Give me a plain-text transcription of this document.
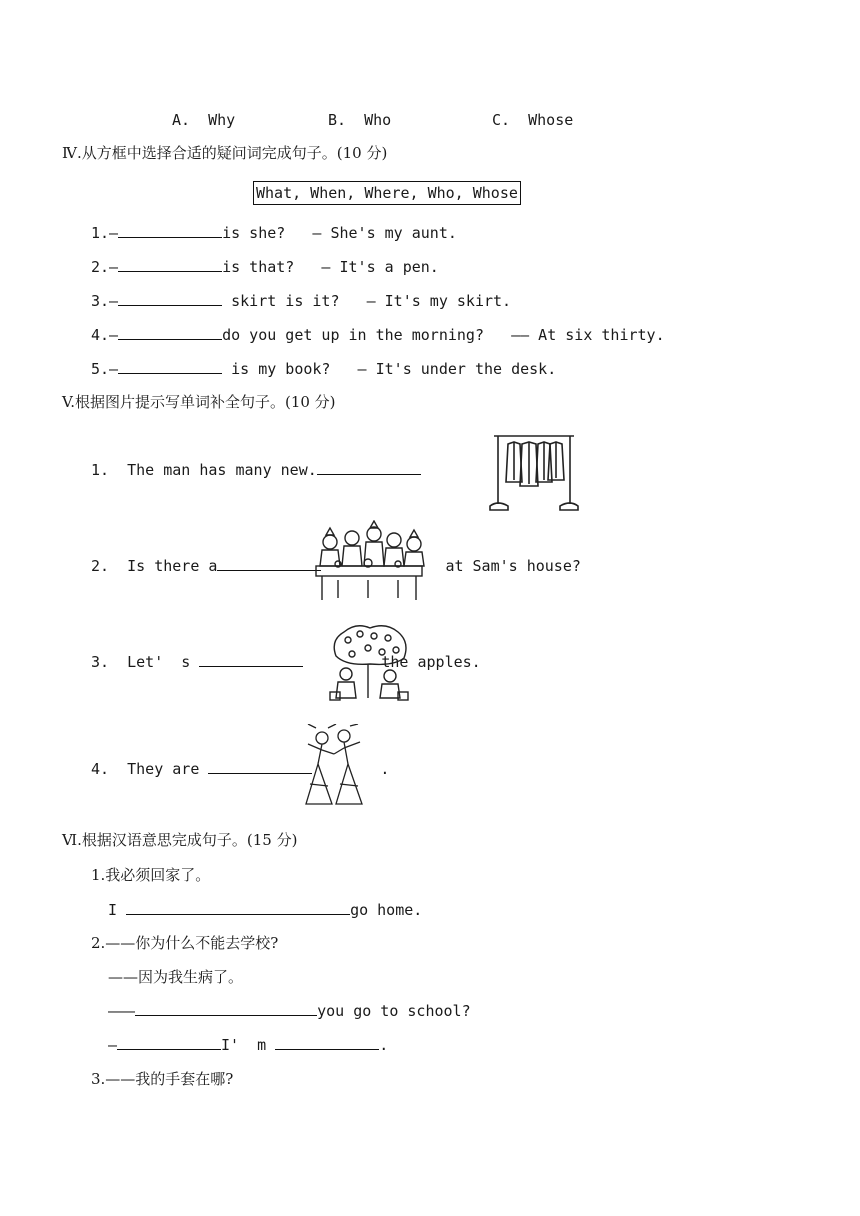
A.  Why	B.  Who	C.  Whose
Ⅳ.从方框中选择合适的疑问词完成句子。(10 分)
What, When, Where, Who, Whose
1.—	is she?   — She's my aunt.
2.—	is that?   — It's a pen.
3.—	skirt is it?   — It's my skirt.
4.—	do you get up in the morning?   —— At six thirty.
5.—	is my book?   — It's under the desk.
V.根据图片提示写单词补全句子。(10 分)
1.  The man has many new.
2.  Is there a	at Sam's house?
3.  Let'  s	the apples.
4.  They are	.
Ⅵ.根据汉语意思完成句子。(15 分)
1.我必须回家了。
I	go home.
2.——你为什么不能去学校?
——因为我生病了。
———	you go to school?
—	I'  m	.
3.——我的手套在哪?
